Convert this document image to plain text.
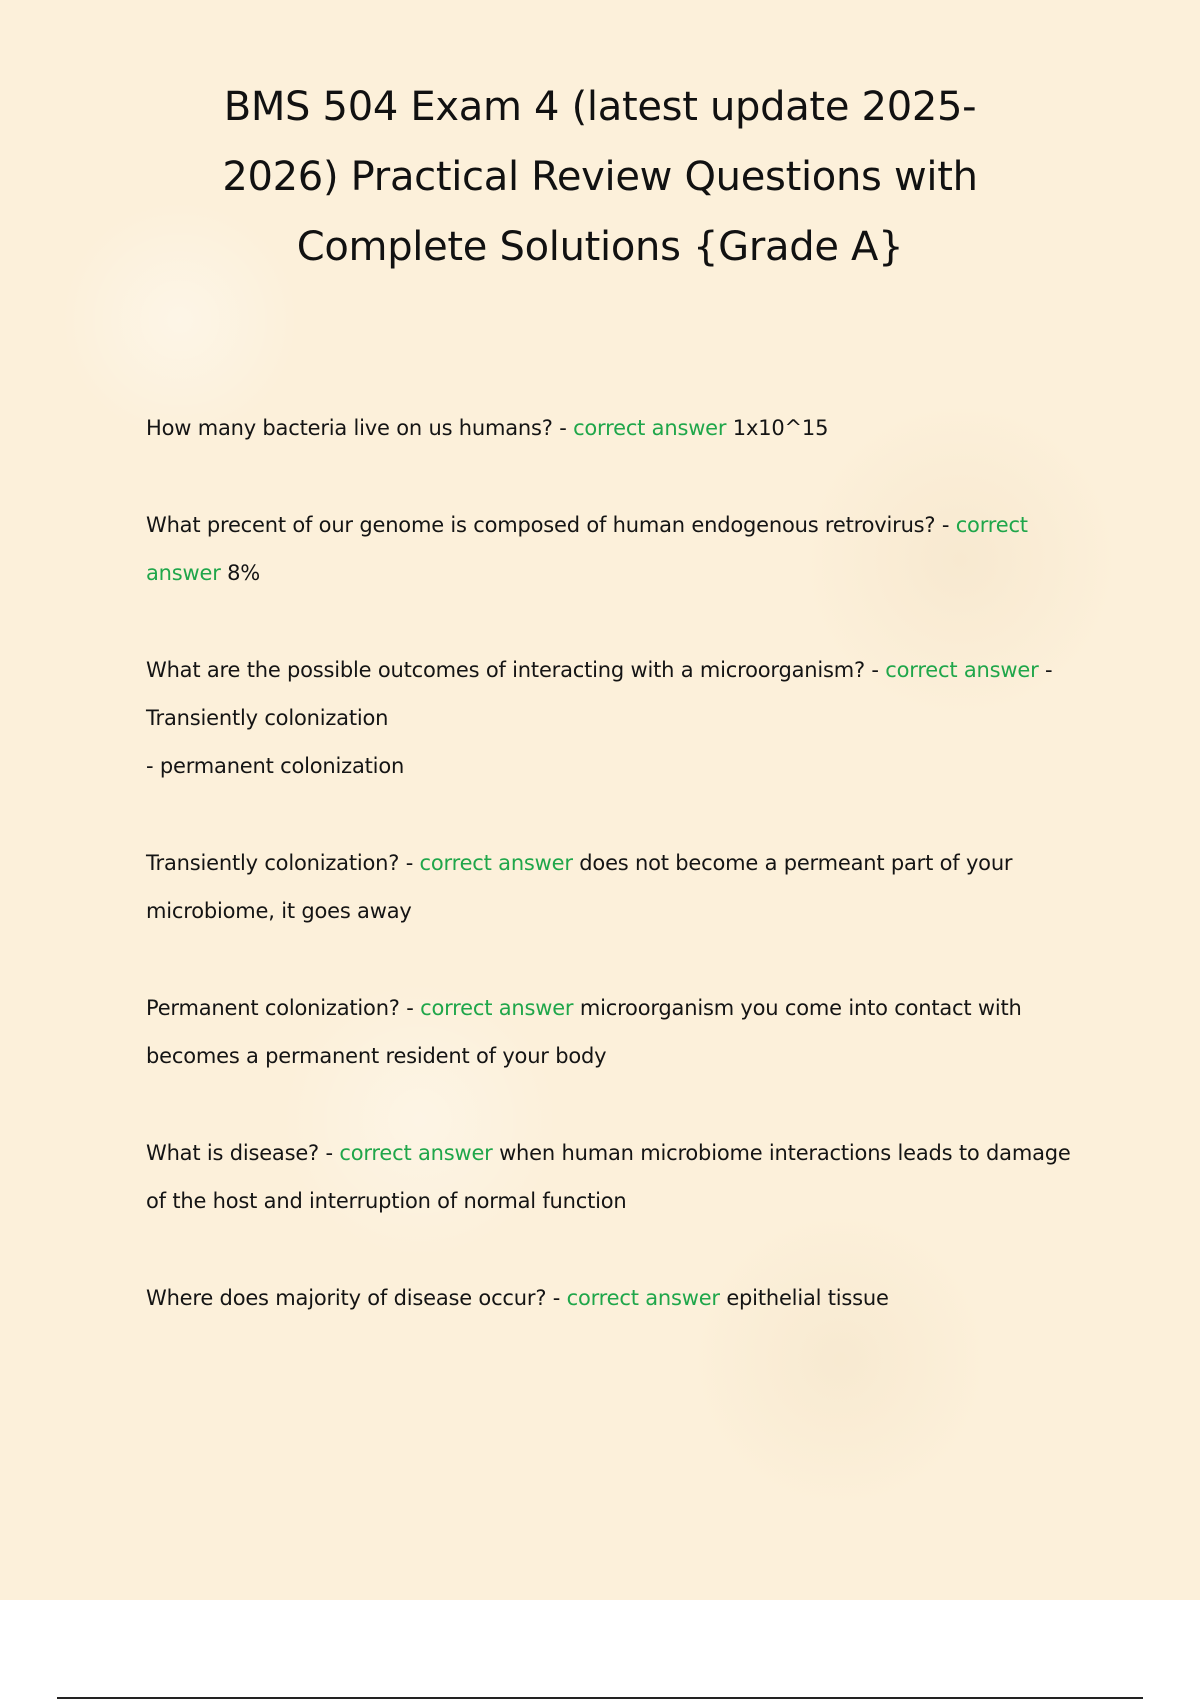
BMS 504 Exam 4 (latest update 2025-
2026) Practical Review Questions with
Complete Solutions {Grade A}

How many bacteria live on us humans? - correct answer 1x10^15

What precent of our genome is composed of human endogenous retrovirus? - correct answer 8%

What are the possible outcomes of interacting with a microorganism? - correct answer - Transiently colonization
- permanent colonization

Transiently colonization? - correct answer does not become a permeant part of your microbiome, it goes away

Permanent colonization? - correct answer microorganism you come into contact with becomes a permanent resident of your body

What is disease? - correct answer when human microbiome interactions leads to damage of the host and interruption of normal function

Where does majority of disease occur? - correct answer epithelial tissue
